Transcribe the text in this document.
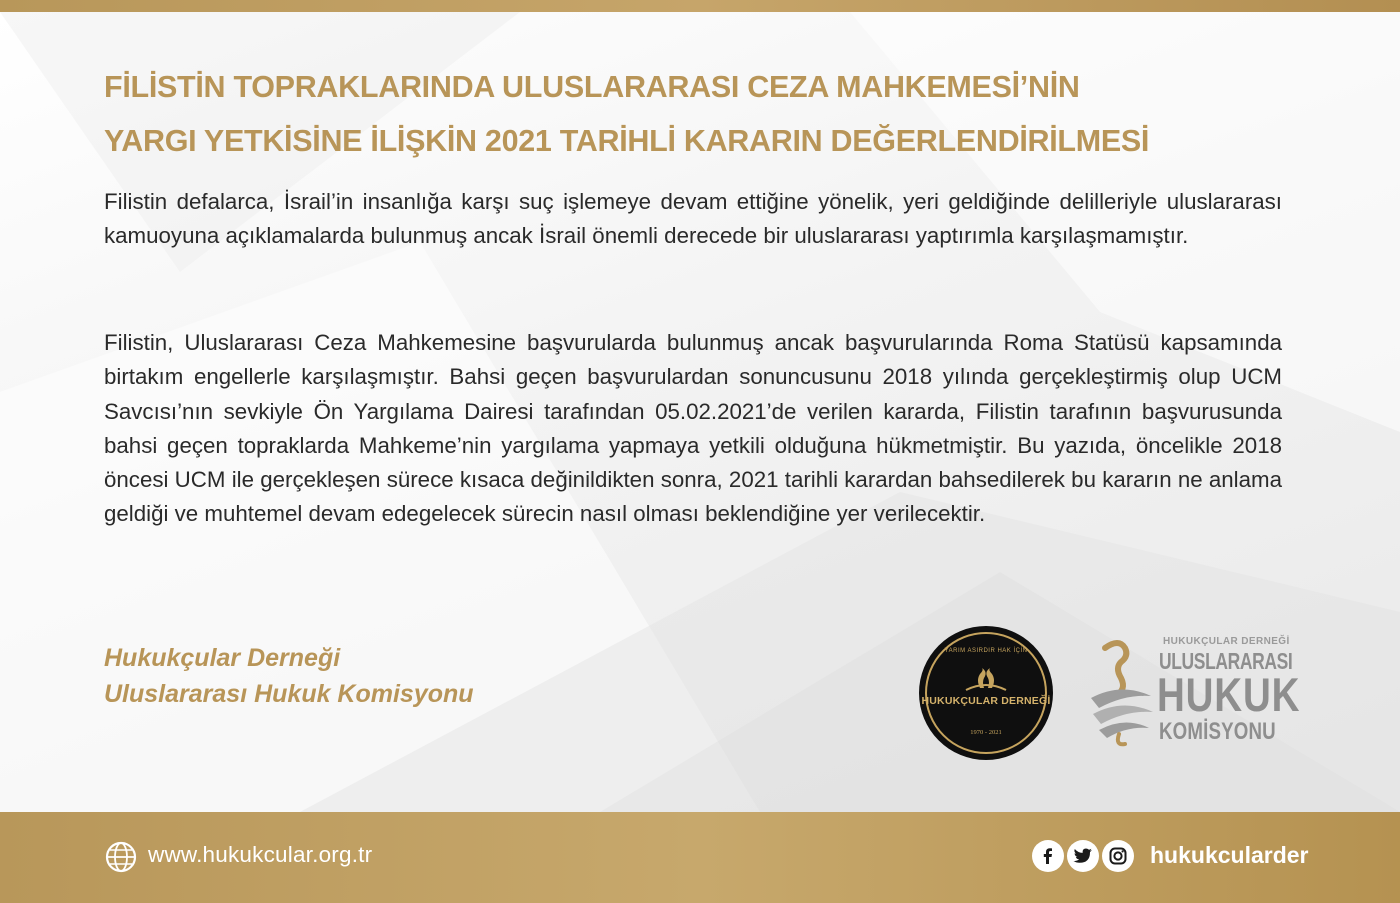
FİLİSTİN TOPRAKLARINDA ULUSLARARASI CEZA MAHKEMESİ’NİN
YARGI YETKİSİNE İLİŞKİN 2021 TARİHLİ KARARIN DEĞERLENDİRİLMESİ

Filistin defalarca, İsrail’in insanlığa karşı suç işlemeye devam ettiğine yönelik, yeri geldiğinde delilleriyle uluslararası kamuoyuna açıklamalarda bulunmuş ancak İsrail önemli derecede bir uluslararası yaptırımla karşılaşmamıştır.

Filistin, Uluslararası Ceza Mahkemesine başvurularda bulunmuş ancak başvurularında Roma Statüsü kapsamında birtakım engellerle karşılaşmıştır. Bahsi geçen başvurulardan sonuncusunu 2018 yılında gerçekleştirmiş olup UCM Savcısı’nın sevkiyle Ön Yargılama Dairesi tarafından 05.02.2021’de verilen kararda, Filistin tarafının başvurusunda bahsi geçen topraklarda Mahkeme’nin yargılama yapmaya yetkili olduğuna hükmetmiştir. Bu yazıda, öncelikle 2018 öncesi UCM ile gerçekleşen sürece kısaca değinildikten sonra, 2021 tarihli karardan bahsedilerek bu kararın ne anlama geldiği ve muhtemel devam edegelecek sürecin nasıl olması beklendiğine yer verilecektir.

Hukukçular Derneği
Uluslararası Hukuk Komisyonu
YARIM ASIRDIR HAK İÇİN
HUKUKÇULAR DERNEĞİ
1970 - 2021
HUKUKÇULAR DERNEĞİ
ULUSLARARASI
HUKUK
KOMİSYONU
www.hukukcular.org.tr	hukukcularder
